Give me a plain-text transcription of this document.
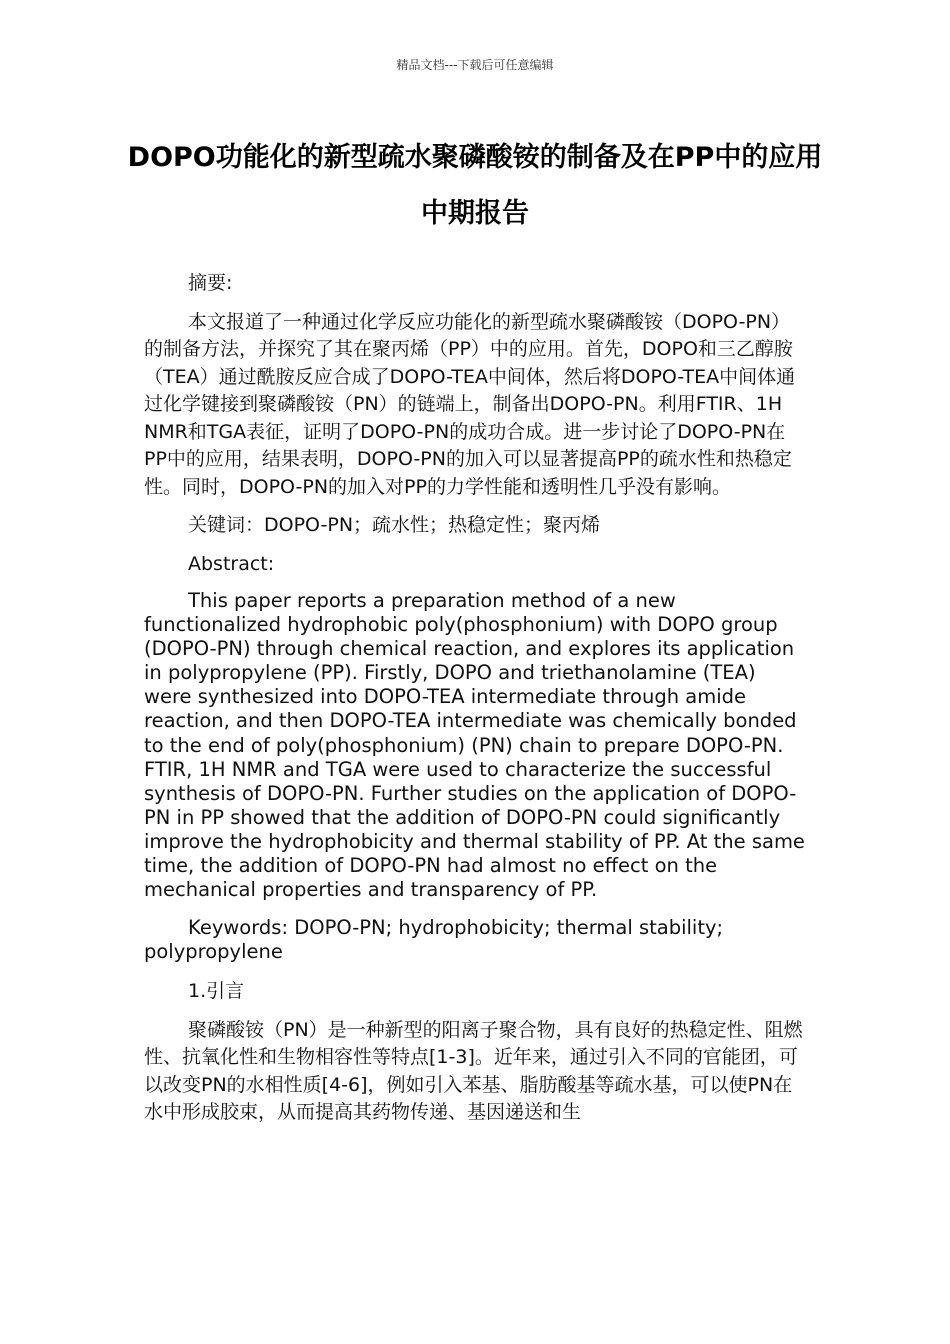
精品文档---下载后可任意编辑
DOPO功能化的新型疏水聚磷酸铵的制备及在PP中的应用中期报告

摘要:

本文报道了一种通过化学反应功能化的新型疏水聚磷酸铵（DOPO-PN）的制备方法，并探究了其在聚丙烯（PP）中的应用。首先，DOPO和三乙醇胺（TEA）通过酰胺反应合成了DOPO-TEA中间体，然后将DOPO-TEA中间体通过化学键接到聚磷酸铵（PN）的链端上，制备出DOPO-PN。利用FTIR、1H NMR和TGA表征，证明了DOPO-PN的成功合成。进一步讨论了DOPO-PN在PP中的应用，结果表明，DOPO-PN的加入可以显著提高PP的疏水性和热稳定性。同时，DOPO-PN的加入对PP的力学性能和透明性几乎没有影响。

关键词：DOPO-PN；疏水性；热稳定性；聚丙烯

Abstract:

This paper reports a preparation method of a new functionalized hydrophobic poly(phosphonium) with DOPO group (DOPO-PN) through chemical reaction, and explores its application in polypropylene (PP). Firstly, DOPO and triethanolamine (TEA) were synthesized into DOPO-TEA intermediate through amide reaction, and then DOPO-TEA intermediate was chemically bonded to the end of poly(phosphonium) (PN) chain to prepare DOPO-PN. FTIR, 1H NMR and TGA were used to characterize the successful synthesis of DOPO-PN. Further studies on the application of DOPO-PN in PP showed that the addition of DOPO-PN could significantly improve the hydrophobicity and thermal stability of PP. At the same time, the addition of DOPO-PN had almost no effect on the mechanical properties and transparency of PP.

Keywords: DOPO-PN; hydrophobicity; thermal stability; polypropylene

1.引言

聚磷酸铵（PN）是一种新型的阳离子聚合物，具有良好的热稳定性、阻燃性、抗氧化性和生物相容性等特点[1-3]。近年来，通过引入不同的官能团，可以改变PN的水相性质[4-6]，例如引入苯基、脂肪酸基等疏水基，可以使PN在水中形成胶束，从而提高其药物传递、基因递送和生
